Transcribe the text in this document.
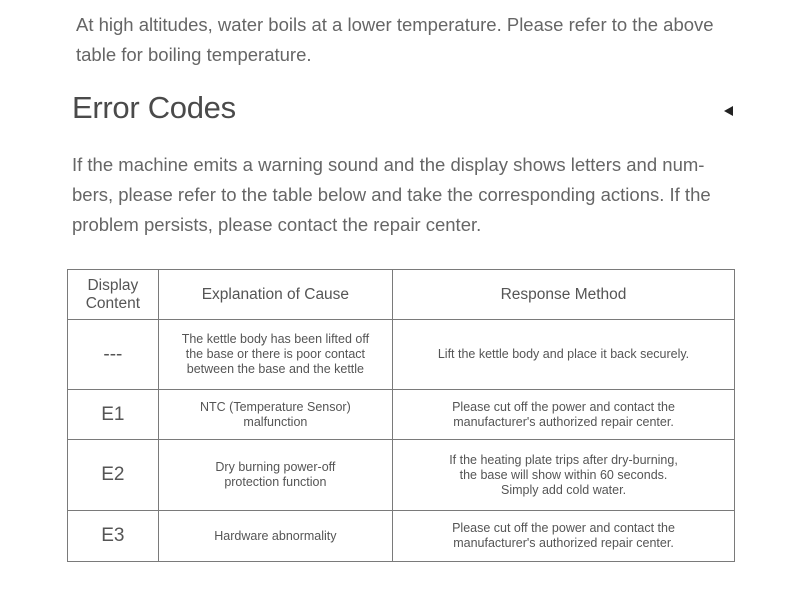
At high altitudes, water boils at a lower temperature. Please refer to the above table for boiling temperature.

Error Codes

If the machine emits a warning sound and the display shows letters and num-bers, please refer to the table below and take the corresponding actions. If the problem persists, please contact the repair center.

Display
Content	Explanation of Cause	Response Method
---	The kettle body has been lifted off
the base or there is poor contact
between the base and the kettle	Lift the kettle body and place it back securely.
E1	NTC (Temperature Sensor)
malfunction	Please cut off the power and contact the
manufacturer's authorized repair center.
E2	Dry burning power-off
protection function	If the heating plate trips after dry-burning,
the base will show within 60 seconds.
Simply add cold water.
E3	Hardware abnormality	Please cut off the power and contact the
manufacturer's authorized repair center.
